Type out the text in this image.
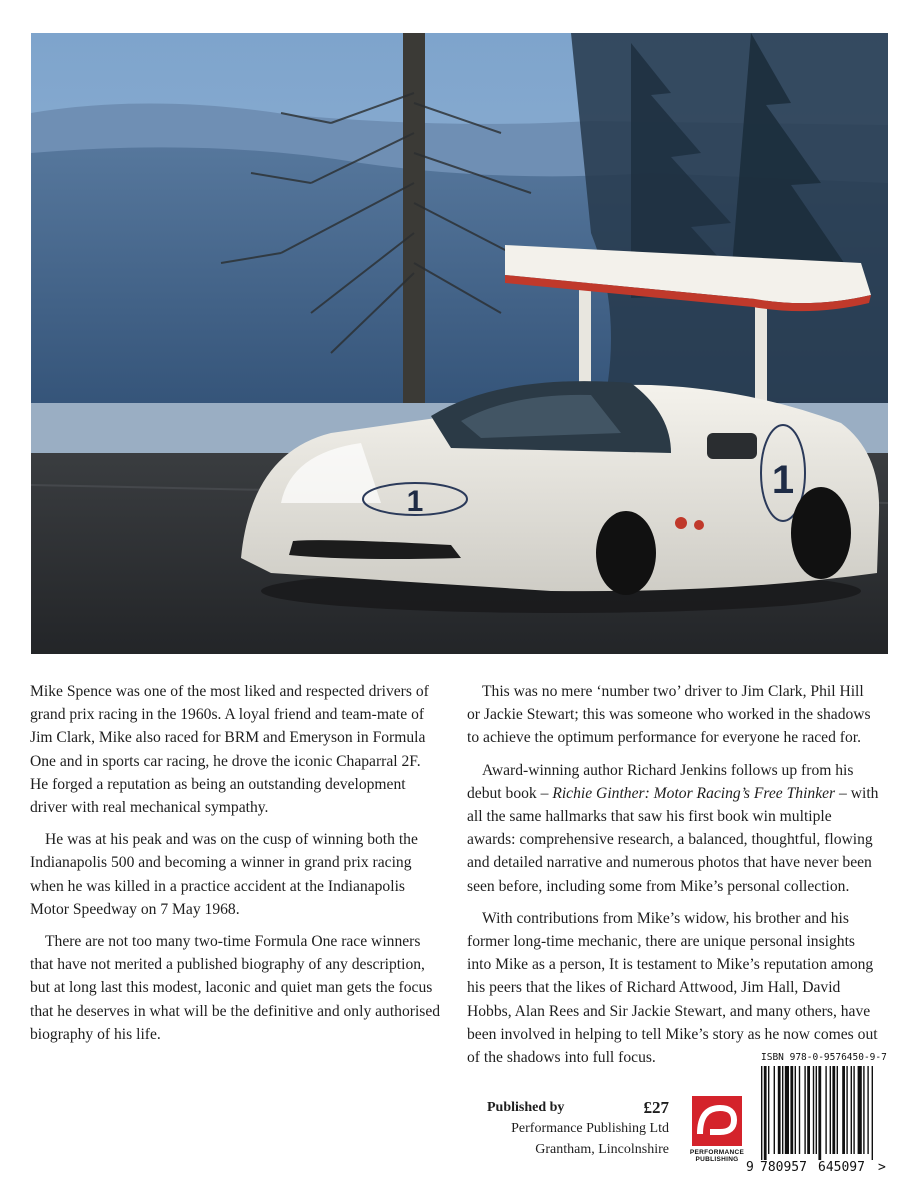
1	1

Mike Spence was one of the most liked and respected drivers of grand prix racing in the 1960s. A loyal friend and team-mate of Jim Clark, Mike also raced for BRM and Emeryson in Formula One and in sports car racing, he drove the iconic Chaparral 2F. He forged a reputation as being an outstanding development driver with real mechanical sympathy.

He was at his peak and was on the cusp of winning both the Indianapolis 500 and becoming a winner in grand prix racing when he was killed in a practice accident at the Indianapolis Motor Speedway on 7 May 1968.

There are not too many two-time Formula One race winners that have not merited a published biography of any description, but at long last this modest, laconic and quiet man gets the focus that he deserves in what will be the definitive and only authorised biography of his life.

This was no mere ‘number two’ driver to Jim Clark, Phil Hill or Jackie Stewart; this was someone who worked in the shadows to achieve the optimum performance for everyone he raced for.

Award-winning author Richard Jenkins follows up from his debut book – Richie Ginther: Motor Racing’s Free Thinker – with all the same hallmarks that saw his first book win multiple awards: comprehensive research, a balanced, thoughtful, flowing and detailed narrative and numerous photos that have never been seen before, including some from Mike’s personal collection.

With contributions from Mike’s widow, his brother and his former long-time mechanic, there are unique personal insights into Mike as a person, It is testament to Mike’s reputation among his peers that the likes of Richard Attwood, Jim Hall, David Hobbs, Alan Rees and Sir Jackie Stewart, and many others, have been involved in helping to tell Mike’s story as he now comes out of the shadows into full focus.

Published by	£27
Performance Publishing Ltd
Grantham, Lincolnshire	PERFORMANCE PUBLISHING
ISBN 978-0-9576450-9-7
9 780957 645097 >
